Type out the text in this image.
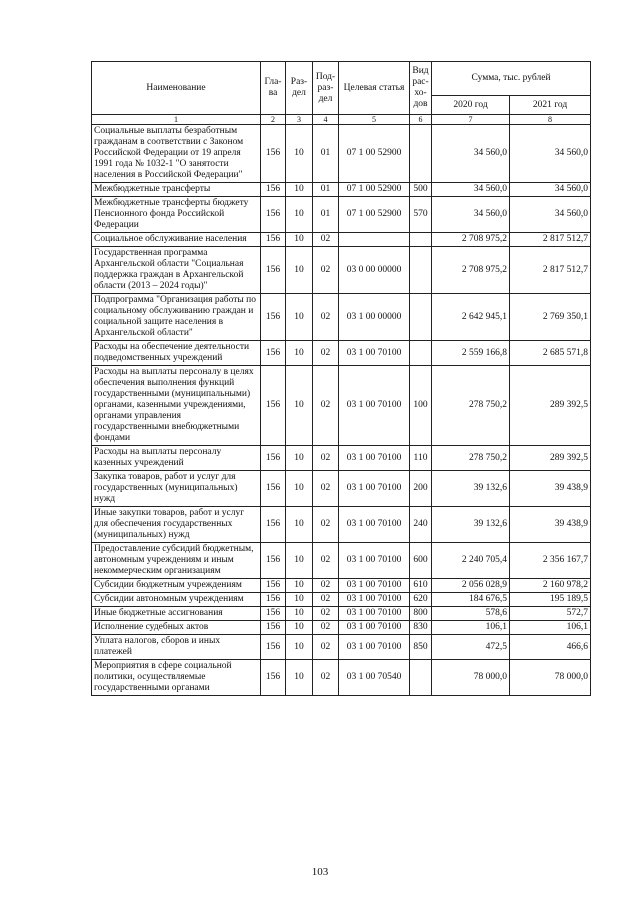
Наименование	Гла-ва	Раз-дел	Под-раз-дел	Целевая статья	Вид рас-хо-дов	Сумма, тыс. рублей	
						2020 год	2021 год
1	2	3	4	5	6	7	8
Социальные выплаты безработным гражданам в соответствии с Законом Российской Федерации от 19 апреля 1991 года № 1032-1 "О занятости населения в Российской Федерации"	156	10	01	07 1 00 52900		34 560,0	34 560,0
Межбюджетные трансферты	156	10	01	07 1 00 52900	500	34 560,0	34 560,0
Межбюджетные трансферты бюджету Пенсионного фонда Российской Федерации	156	10	01	07 1 00 52900	570	34 560,0	34 560,0
Социальное обслуживание населения	156	10	02			2 708 975,2	2 817 512,7
Государственная программа Архангельской области "Социальная поддержка граждан в Архангельской области (2013 – 2024 годы)"	156	10	02	03 0 00 00000		2 708 975,2	2 817 512,7
Подпрограмма "Организация работы по социальному обслуживанию граждан и социальной защите населения в Архангельской области"	156	10	02	03 1 00 00000		2 642 945,1	2 769 350,1
Расходы на обеспечение деятельности подведомственных учреждений	156	10	02	03 1 00 70100		2 559 166,8	2 685 571,8
Расходы на выплаты персоналу в целях обеспечения выполнения функций государственными (муниципальными) органами, казенными учреждениями, органами управления государственными внебюджетными фондами	156	10	02	03 1 00 70100	100	278 750,2	289 392,5
Расходы на выплаты персоналу казенных учреждений	156	10	02	03 1 00 70100	110	278 750,2	289 392,5
Закупка товаров, работ и услуг для государственных (муниципальных) нужд	156	10	02	03 1 00 70100	200	39 132,6	39 438,9
Иные закупки товаров, работ и услуг для обеспечения государственных (муниципальных) нужд	156	10	02	03 1 00 70100	240	39 132,6	39 438,9
Предоставление субсидий бюджетным, автономным учреждениям и иным некоммерческим организациям	156	10	02	03 1 00 70100	600	2 240 705,4	2 356 167,7
Субсидии бюджетным учреждениям	156	10	02	03 1 00 70100	610	2 056 028,9	2 160 978,2
Субсидии автономным учреждениям	156	10	02	03 1 00 70100	620	184 676,5	195 189,5
Иные бюджетные ассигнования	156	10	02	03 1 00 70100	800	578,6	572,7
Исполнение судебных актов	156	10	02	03 1 00 70100	830	106,1	106,1
Уплата налогов, сборов и иных платежей	156	10	02	03 1 00 70100	850	472,5	466,6
Мероприятия в сфере социальной политики, осуществляемые государственными органами	156	10	02	03 1 00 70540		78 000,0	78 000,0
103
